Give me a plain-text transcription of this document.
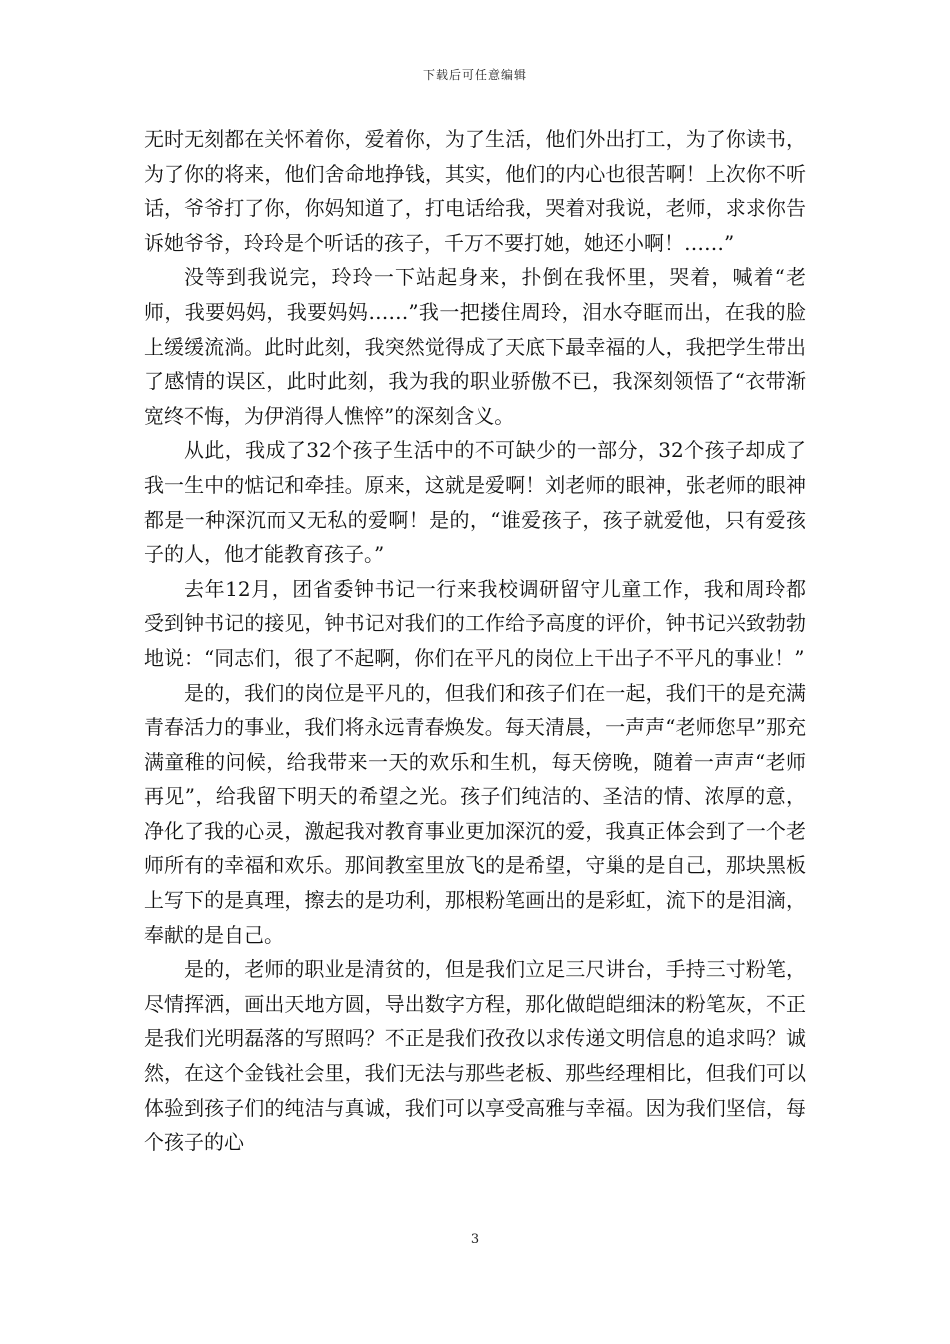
下载后可任意编辑

无时无刻都在关怀着你，爱着你，为了生活，他们外出打工，为了你读书，为了你的将来，他们舍命地挣钱，其实，他们的内心也很苦啊！上次你不听话，爷爷打了你，你妈知道了，打电话给我，哭着对我说，老师，求求你告诉她爷爷，玲玲是个听话的孩子，千万不要打她，她还小啊！……”

没等到我说完，玲玲一下站起身来，扑倒在我怀里，哭着，喊着“老师，我要妈妈，我要妈妈……”我一把搂住周玲，泪水夺眶而出，在我的脸上缓缓流淌。此时此刻，我突然觉得成了天底下最幸福的人，我把学生带出了感情的误区，此时此刻，我为我的职业骄傲不已，我深刻领悟了“衣带渐宽终不悔，为伊消得人憔悴”的深刻含义。

从此，我成了32个孩子生活中的不可缺少的一部分，32个孩子却成了我一生中的惦记和牵挂。原来，这就是爱啊！刘老师的眼神，张老师的眼神都是一种深沉而又无私的爱啊！是的，“谁爱孩子，孩子就爱他，只有爱孩子的人，他才能教育孩子。”

去年12月，团省委钟书记一行来我校调研留守儿童工作，我和周玲都受到钟书记的接见，钟书记对我们的工作给予高度的评价，钟书记兴致勃勃地说：“同志们，很了不起啊，你们在平凡的岗位上干出子不平凡的事业！”

是的，我们的岗位是平凡的，但我们和孩子们在一起，我们干的是充满青春活力的事业，我们将永远青春焕发。每天清晨，一声声“老师您早”那充满童稚的问候，给我带来一天的欢乐和生机，每天傍晚，随着一声声“老师再见”，给我留下明天的希望之光。孩子们纯洁的、圣洁的情、浓厚的意，净化了我的心灵，激起我对教育事业更加深沉的爱，我真正体会到了一个老师所有的幸福和欢乐。那间教室里放飞的是希望，守巢的是自己，那块黑板上写下的是真理，擦去的是功利，那根粉笔画出的是彩虹，流下的是泪滴，奉献的是自己。

是的，老师的职业是清贫的，但是我们立足三尺讲台，手持三寸粉笔，尽情挥洒，画出天地方圆，导出数字方程，那化做皑皑细沫的粉笔灰，不正是我们光明磊落的写照吗？不正是我们孜孜以求传递文明信息的追求吗？诚然，在这个金钱社会里，我们无法与那些老板、那些经理相比，但我们可以体验到孩子们的纯洁与真诚，我们可以享受高雅与幸福。因为我们坚信，每个孩子的心

3
